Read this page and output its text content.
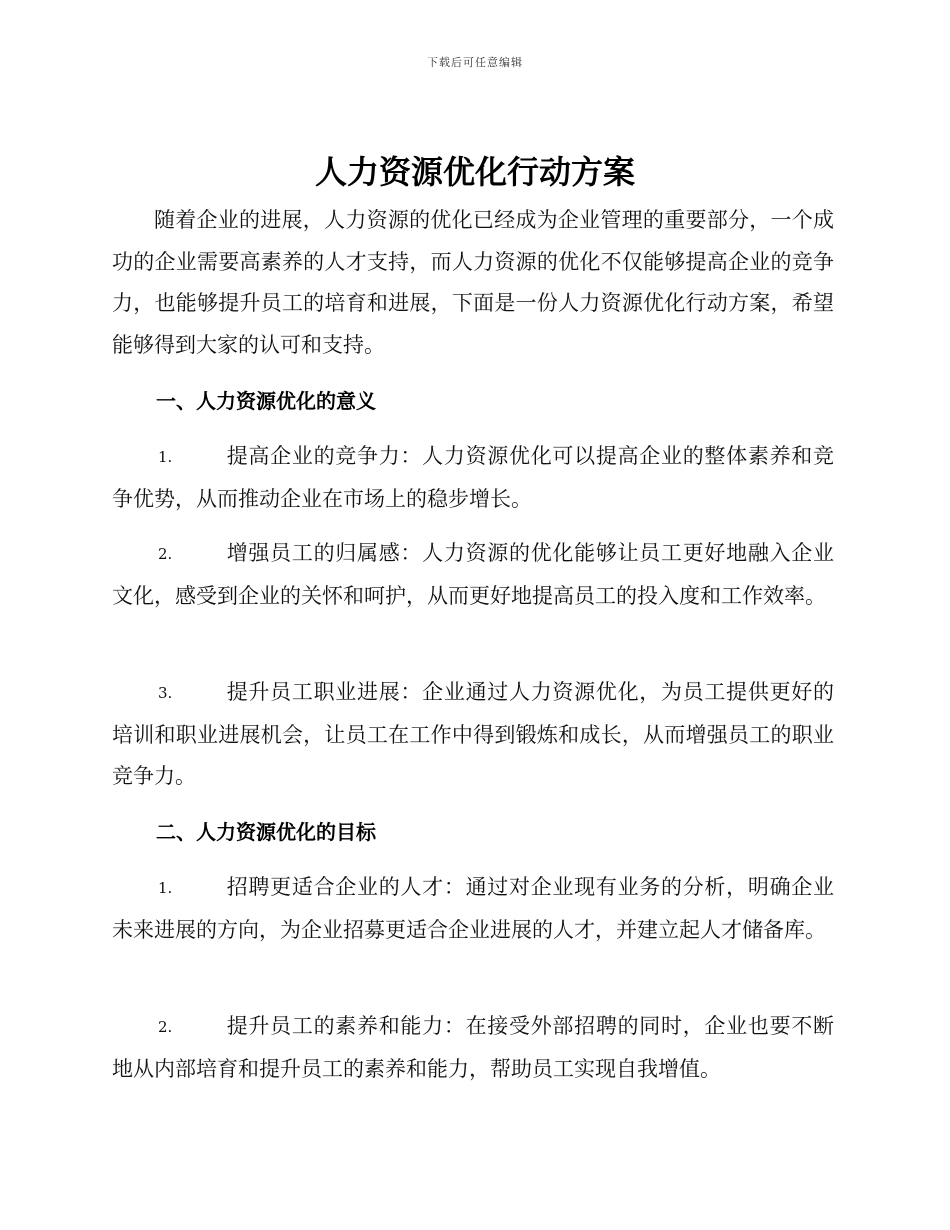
下载后可任意编辑
人力资源优化行动方案
随着企业的进展，人力资源的优化已经成为企业管理的重要部分，一个成功的企业需要高素养的人才支持，而人力资源的优化不仅能够提高企业的竞争力，也能够提升员工的培育和进展，下面是一份人力资源优化行动方案，希望能够得到大家的认可和支持。
一、人力资源优化的意义
1.	提高企业的竞争力：人力资源优化可以提高企业的整体素养和竞争优势，从而推动企业在市场上的稳步增长。
2.	增强员工的归属感：人力资源的优化能够让员工更好地融入企业文化，感受到企业的关怀和呵护，从而更好地提高员工的投入度和工作效率。
3.	提升员工职业进展：企业通过人力资源优化，为员工提供更好的培训和职业进展机会，让员工在工作中得到锻炼和成长，从而增强员工的职业竞争力。
二、人力资源优化的目标
1.	招聘更适合企业的人才：通过对企业现有业务的分析，明确企业未来进展的方向，为企业招募更适合企业进展的人才，并建立起人才储备库。
2.	提升员工的素养和能力：在接受外部招聘的同时，企业也要不断地从内部培育和提升员工的素养和能力，帮助员工实现自我增值。
